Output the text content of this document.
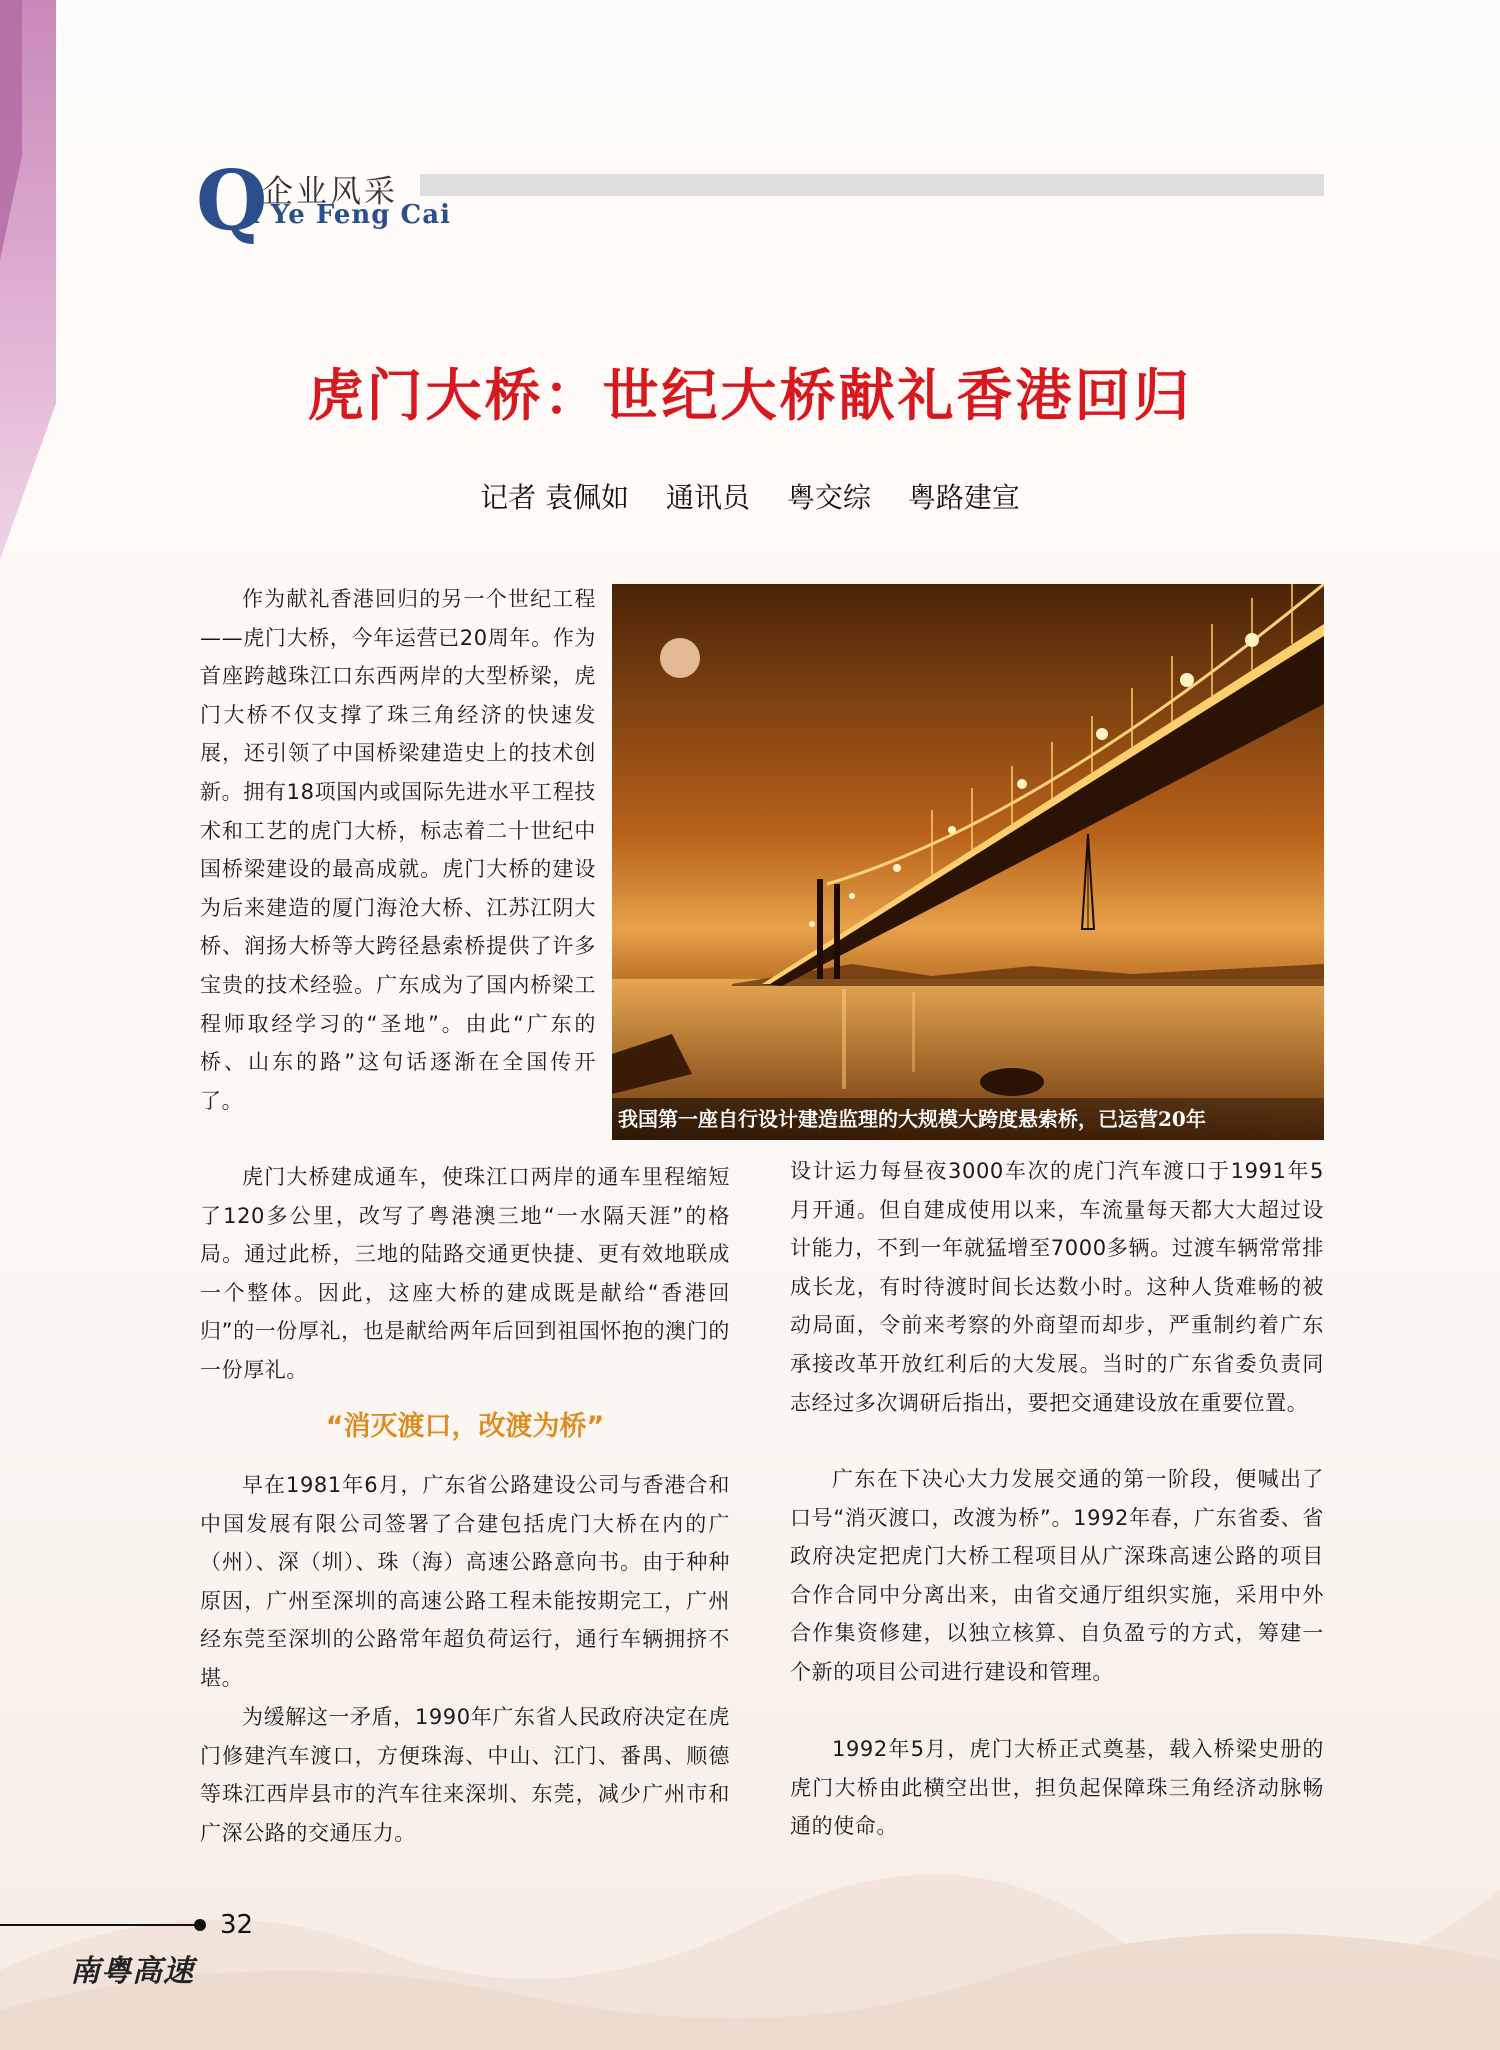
Q
企业风采
i Ye Feng Cai
虎门大桥：世纪大桥献礼香港回归
记者 袁佩如 通讯员 粤交综 粤路建宣

作为献礼香港回归的另一个世纪工程——虎门大桥，今年运营已20周年。作为首座跨越珠江口东西两岸的大型桥梁，虎门大桥不仅支撑了珠三角经济的快速发展，还引领了中国桥梁建造史上的技术创新。拥有18项国内或国际先进水平工程技术和工艺的虎门大桥，标志着二十世纪中国桥梁建设的最高成就。虎门大桥的建设为后来建造的厦门海沧大桥、江苏江阴大桥、润扬大桥等大跨径悬索桥提供了许多宝贵的技术经验。广东成为了国内桥梁工程师取经学习的“圣地”。由此“广东的桥、山东的路”这句话逐渐在全国传开了。

我国第一座自行设计建造监理的大规模大跨度悬索桥，已运营20年

虎门大桥建成通车，使珠江口两岸的通车里程缩短了120多公里，改写了粤港澳三地“一水隔天涯”的格局。通过此桥，三地的陆路交通更快捷、更有效地联成一个整体。因此，这座大桥的建成既是献给“香港回归”的一份厚礼，也是献给两年后回到祖国怀抱的澳门的一份厚礼。

“消灭渡口，改渡为桥”

早在1981年6月，广东省公路建设公司与香港合和中国发展有限公司签署了合建包括虎门大桥在内的广（州）、深（圳）、珠（海）高速公路意向书。由于种种原因，广州至深圳的高速公路工程未能按期完工，广州经东莞至深圳的公路常年超负荷运行，通行车辆拥挤不堪。

为缓解这一矛盾，1990年广东省人民政府决定在虎门修建汽车渡口，方便珠海、中山、江门、番禺、顺德等珠江西岸县市的汽车往来深圳、东莞，减少广州市和广深公路的交通压力。

设计运力每昼夜3000车次的虎门汽车渡口于1991年5月开通。但自建成使用以来，车流量每天都大大超过设计能力，不到一年就猛增至7000多辆。过渡车辆常常排成长龙，有时待渡时间长达数小时。这种人货难畅的被动局面，令前来考察的外商望而却步，严重制约着广东承接改革开放红利后的大发展。当时的广东省委负责同志经过多次调研后指出，要把交通建设放在重要位置。

广东在下决心大力发展交通的第一阶段，便喊出了口号“消灭渡口，改渡为桥”。1992年春，广东省委、省政府决定把虎门大桥工程项目从广深珠高速公路的项目合作合同中分离出来，由省交通厅组织实施，采用中外合作集资修建，以独立核算、自负盈亏的方式，筹建一个新的项目公司进行建设和管理。

1992年5月，虎门大桥正式奠基，载入桥梁史册的虎门大桥由此横空出世，担负起保障珠三角经济动脉畅通的使命。

32
南粤高速
